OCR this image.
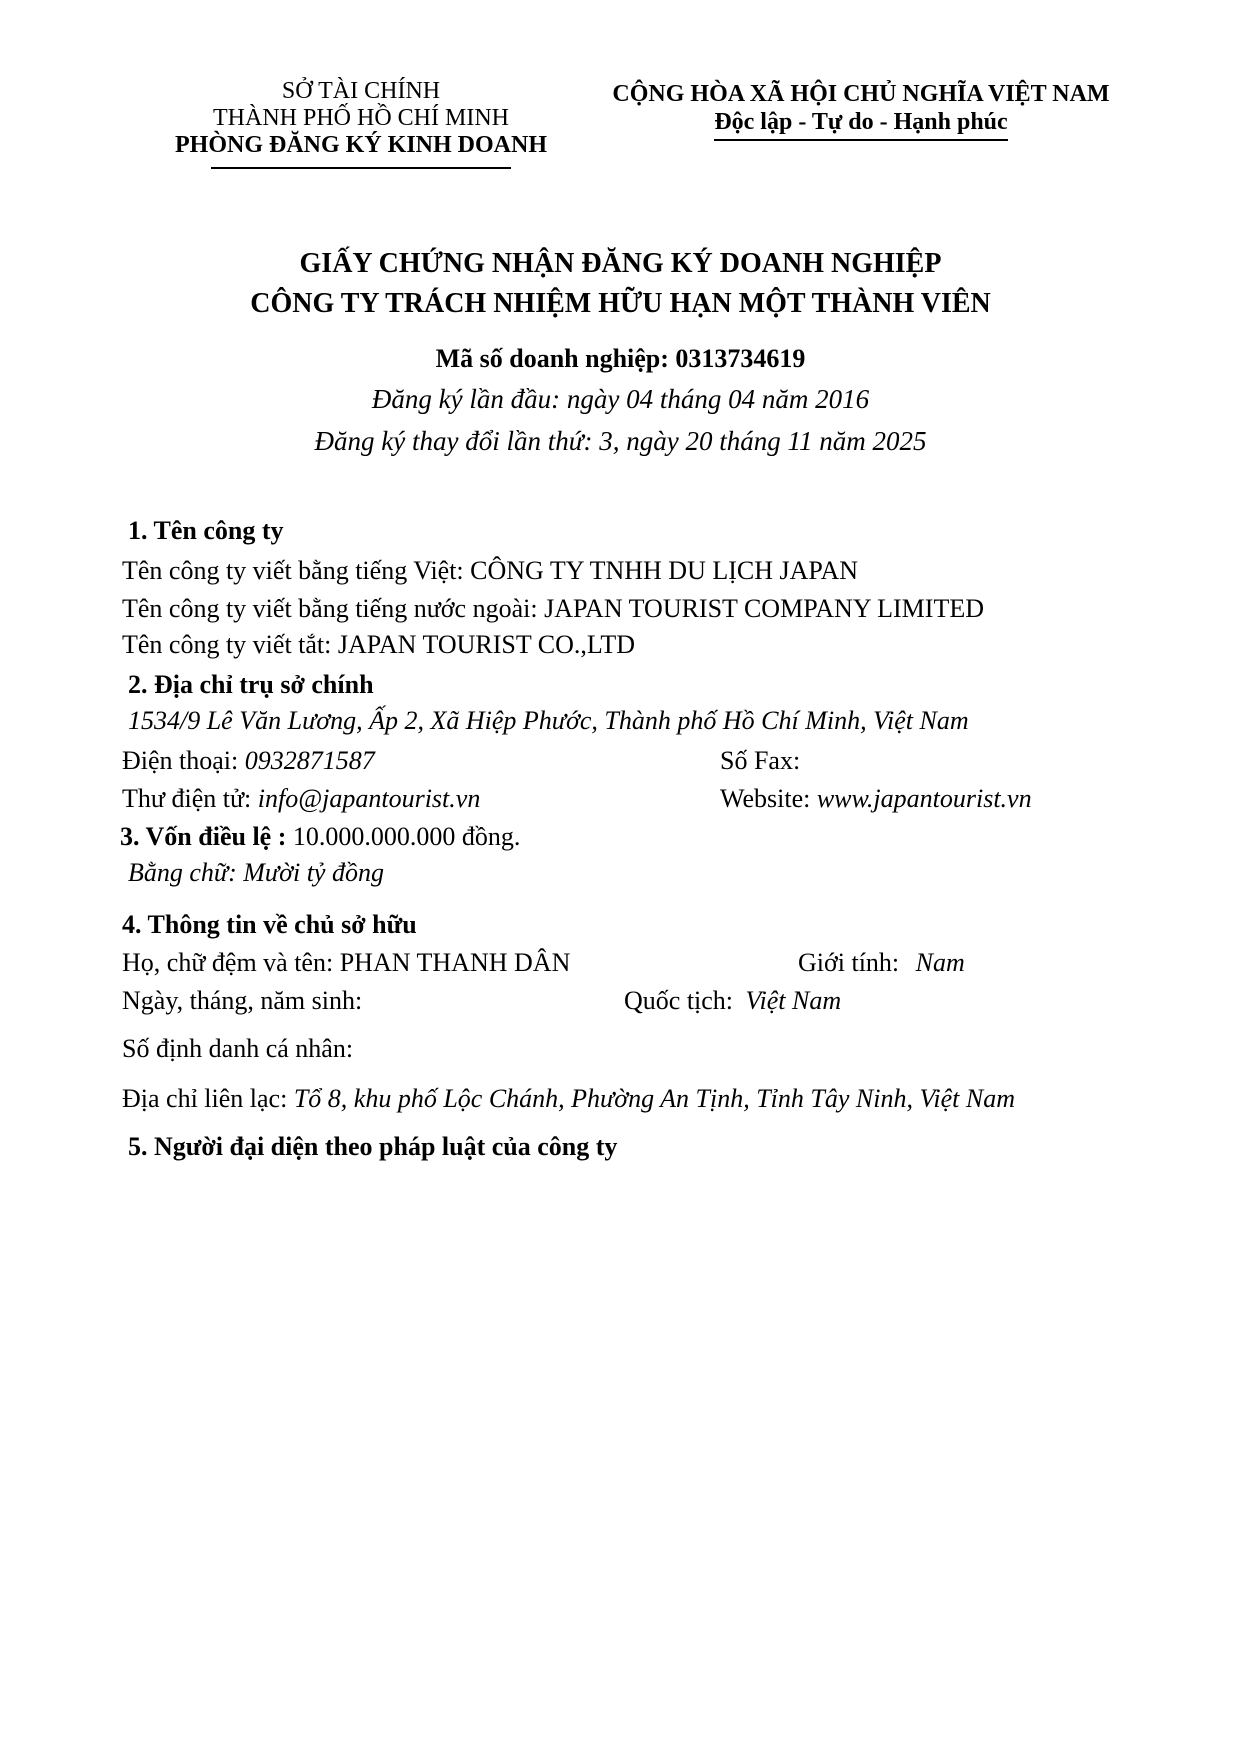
SỞ TÀI CHÍNH
THÀNH PHỐ HỒ CHÍ MINH
PHÒNG ĐĂNG KÝ KINH DOANH
CỘNG HÒA XÃ HỘI CHỦ NGHĨA VIỆT NAM
Độc lập - Tự do - Hạnh phúc
GIẤY CHỨNG NHẬN ĐĂNG KÝ DOANH NGHIỆP
CÔNG TY TRÁCH NHIỆM HỮU HẠN MỘT THÀNH VIÊN
Mã số doanh nghiệp: 0313734619
Đăng ký lần đầu: ngày 04 tháng 04 năm 2016
Đăng ký thay đổi lần thứ: 3, ngày 20 tháng 11 năm 2025
1. Tên công ty
Tên công ty viết bằng tiếng Việt: CÔNG TY TNHH DU LỊCH JAPAN
Tên công ty viết bằng tiếng nước ngoài: JAPAN TOURIST COMPANY LIMITED
Tên công ty viết tắt: JAPAN TOURIST CO.,LTD
2. Địa chỉ trụ sở chính
1534/9 Lê Văn Lương, Ấp 2, Xã Hiệp Phước, Thành phố Hồ Chí Minh, Việt Nam
Điện thoại: 0932871587	Số Fax:
Thư điện tử: info@japantourist.vn	Website: www.japantourist.vn
3. Vốn điều lệ : 10.000.000.000 đồng.
Bằng chữ: Mười tỷ đồng
4. Thông tin về chủ sở hữu
Họ, chữ đệm và tên: PHAN THANH DÂN	Giới tính: Nam
Ngày, tháng, năm sinh:	Quốc tịch: Việt Nam
Số định danh cá nhân:
Địa chỉ liên lạc: Tổ 8, khu phố Lộc Chánh, Phường An Tịnh, Tỉnh Tây Ninh, Việt Nam
5. Người đại diện theo pháp luật của công ty
